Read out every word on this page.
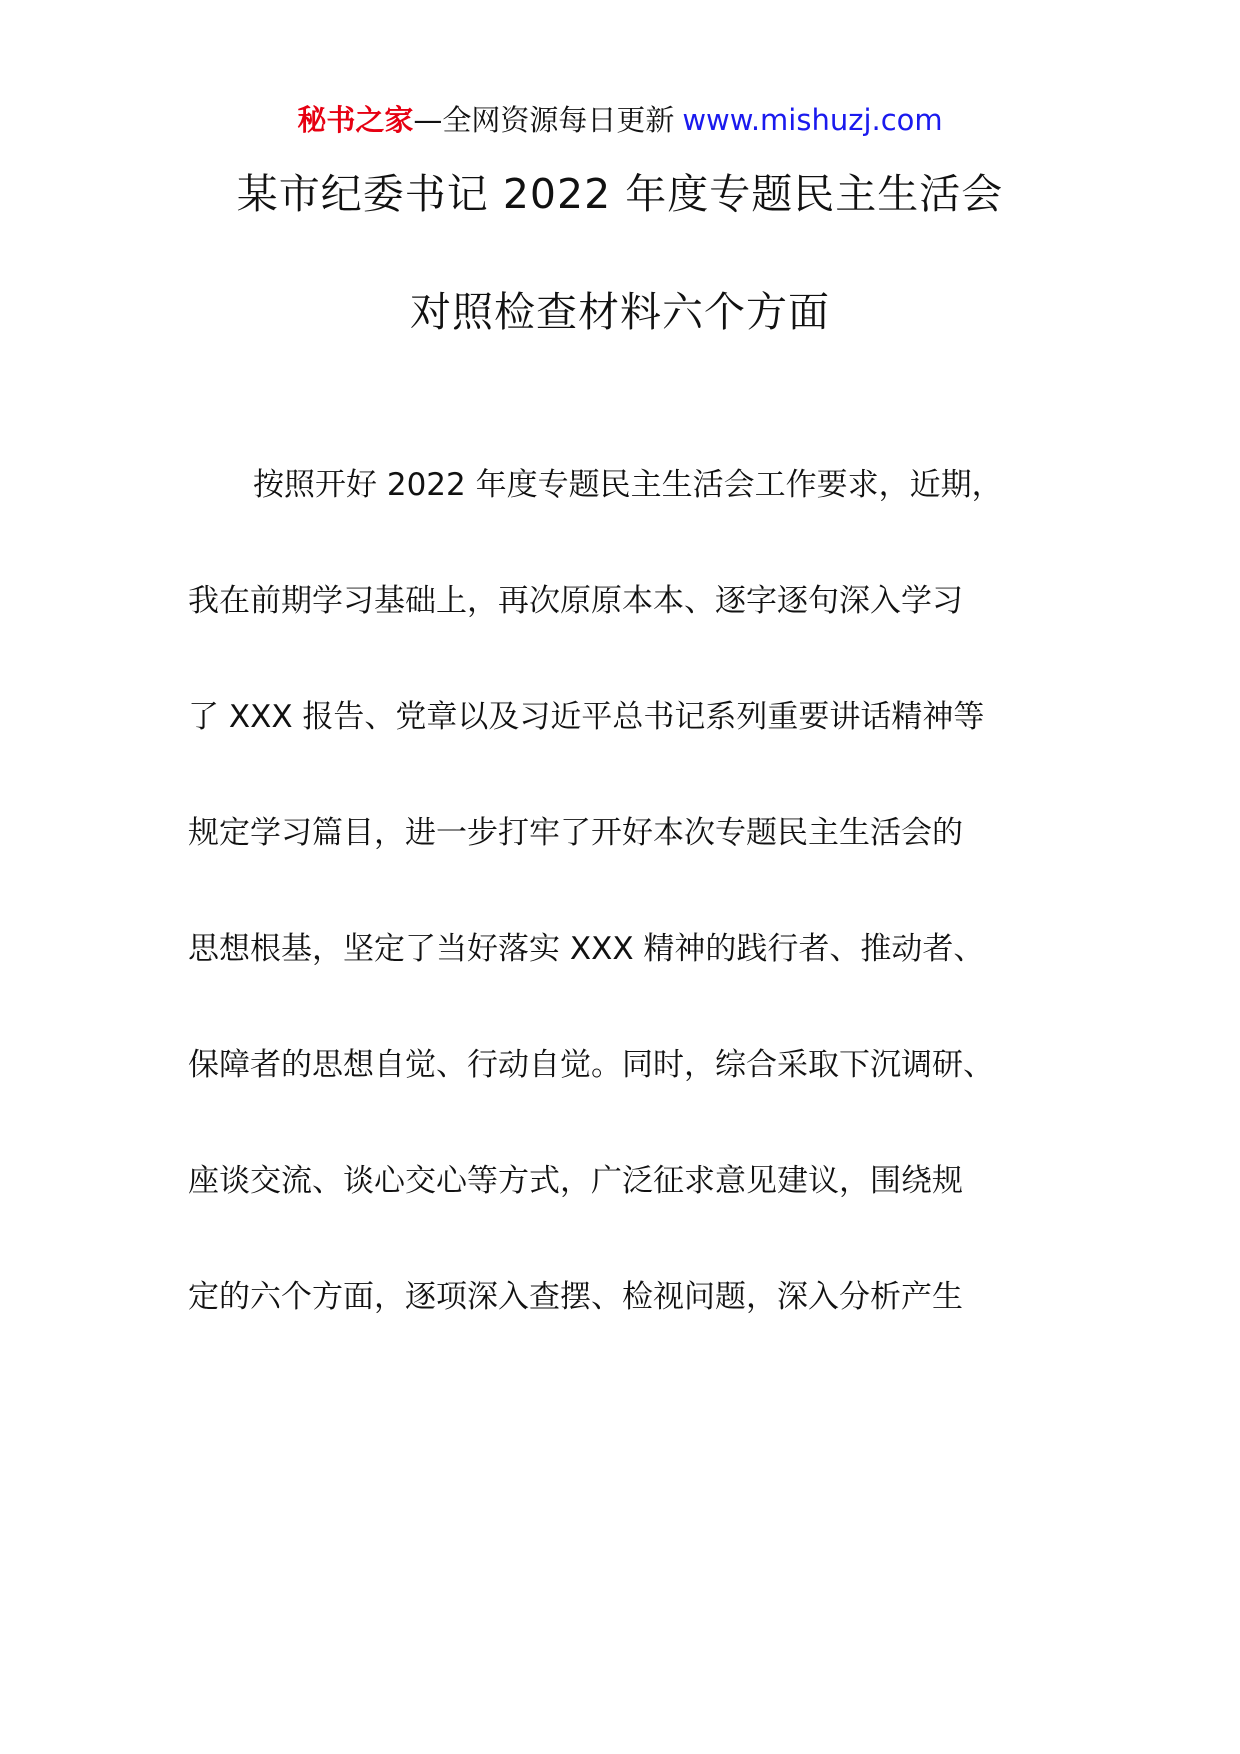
秘书之家—全网资源每日更新 www.mishuzj.com
某市纪委书记 2022 年度专题民主生活会
对照检查材料六个方面
按照开好 2022 年度专题民主生活会工作要求，近期，
我在前期学习基础上，再次原原本本、逐字逐句深入学习
了 XXX 报告、党章以及习近平总书记系列重要讲话精神等
规定学习篇目，进一步打牢了开好本次专题民主生活会的
思想根基，坚定了当好落实 XXX 精神的践行者、推动者、
保障者的思想自觉、行动自觉。同时，综合采取下沉调研、
座谈交流、谈心交心等方式，广泛征求意见建议，围绕规
定的六个方面，逐项深入查摆、检视问题，深入分析产生
